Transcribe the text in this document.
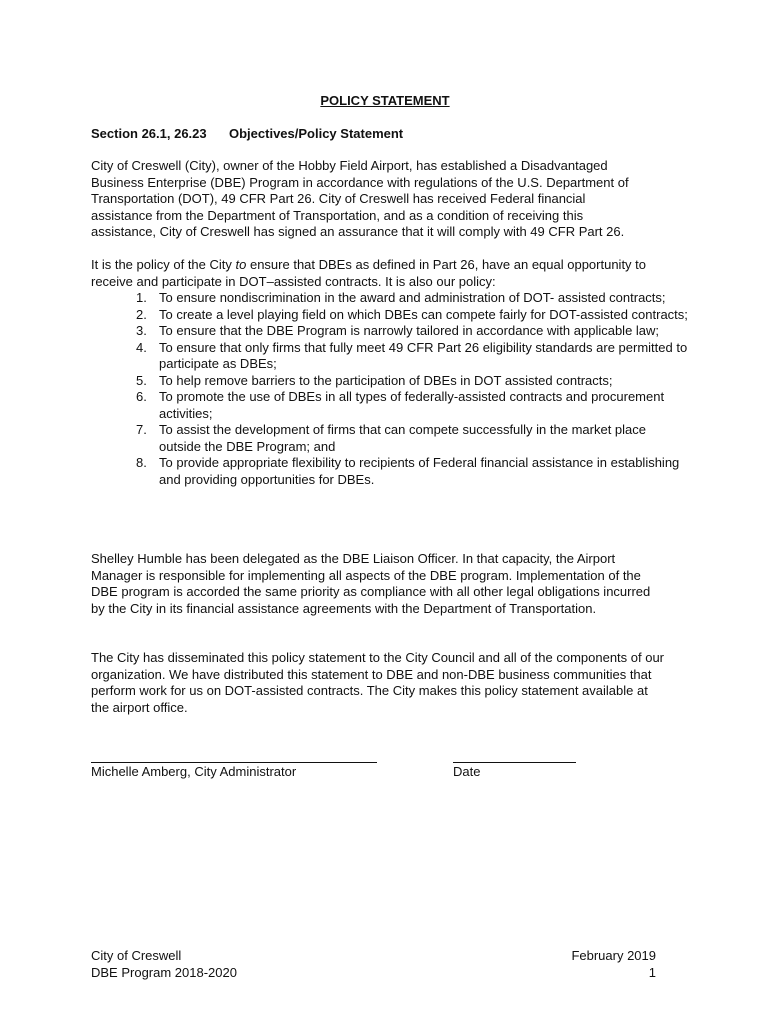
POLICY STATEMENT
Section 26.1, 26.23 Objectives/Policy Statement

City of Creswell (City), owner of the Hobby Field Airport, has established a Disadvantaged
Business Enterprise (DBE) Program in accordance with regulations of the U.S. Department of
Transportation (DOT), 49 CFR Part 26. City of Creswell has received Federal financial
assistance from the Department of Transportation, and as a condition of receiving this
assistance, City of Creswell has signed an assurance that it will comply with 49 CFR Part 26.

It is the policy of the City to ensure that DBEs as defined in Part 26, have an equal opportunity to receive and participate in DOT–assisted contracts. It is also our policy:

1. To ensure nondiscrimination in the award and administration of DOT- assisted contracts;
2. To create a level playing field on which DBEs can compete fairly for DOT-assisted contracts;
3. To ensure that the DBE Program is narrowly tailored in accordance with applicable law;
4. To ensure that only firms that fully meet 49 CFR Part 26 eligibility standards are permitted to participate as DBEs;
5. To help remove barriers to the participation of DBEs in DOT assisted contracts;
6. To promote the use of DBEs in all types of federally-assisted contracts and procurement activities;
7. To assist the development of firms that can compete successfully in the market place outside the DBE Program; and
8. To provide appropriate flexibility to recipients of Federal financial assistance in establishing and providing opportunities for DBEs.

Shelley Humble has been delegated as the DBE Liaison Officer. In that capacity, the Airport Manager is responsible for implementing all aspects of the DBE program. Implementation of the DBE program is accorded the same priority as compliance with all other legal obligations incurred by the City in its financial assistance agreements with the Department of Transportation.

The City has disseminated this policy statement to the City Council and all of the components of our organization. We have distributed this statement to DBE and non-DBE business communities that perform work for us on DOT-assisted contracts. The City makes this policy statement available at the airport office.

Michelle Amberg, City Administrator	Date
City of Creswell
DBE Program 2018-2020
February 2019
1
